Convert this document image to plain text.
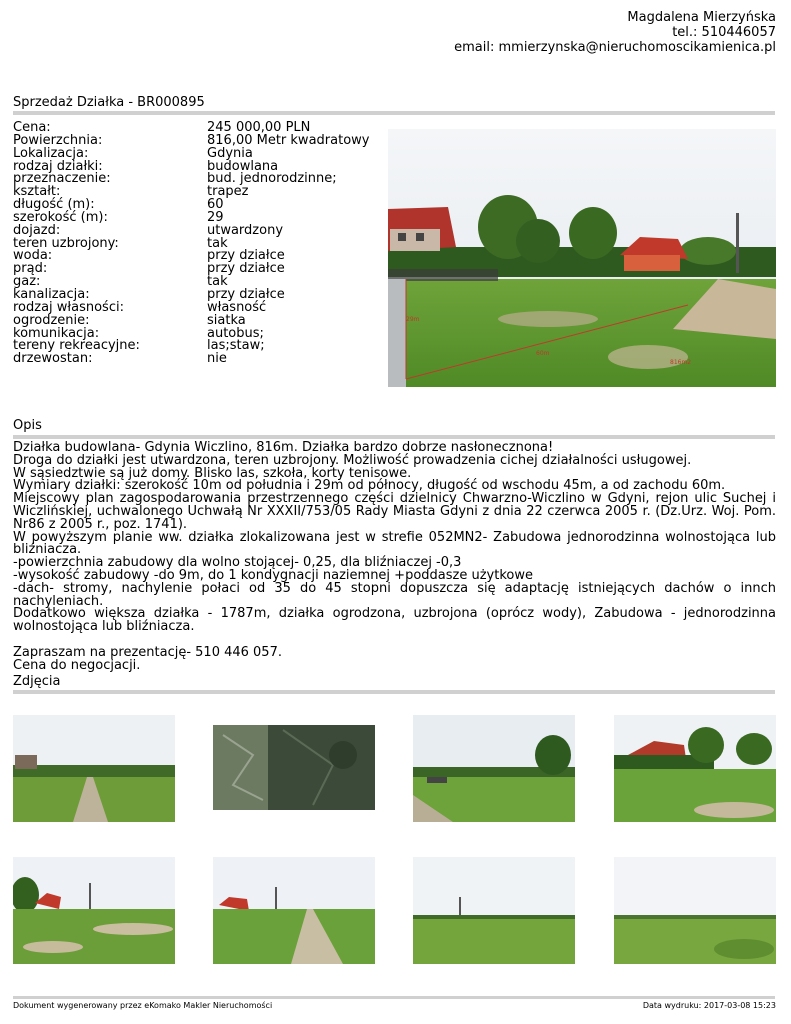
Magdalena Mierzyńska
tel.: 510446057
email: mmierzynska@nieruchomoscikamienica.pl
Sprzedaż Działka - BR000895
Cena:	245 000,00 PLN
Powierzchnia:	816,00 Metr kwadratowy
Lokalizacja:	Gdynia
rodzaj działki:	budowlana
przeznaczenie:	bud. jednorodzinne;
kształt:	trapez
długość (m):	60
szerokość (m):	29
dojazd:	utwardzony
teren uzbrojony:	tak
woda:	przy działce
prąd:	przy działce
gaz:	tak
kanalizacja:	przy działce
rodzaj własności:	własność
ogrodzenie:	siatka
komunikacja:	autobus;
tereny rekreacyjne:	las;staw;
drzewostan:	nie
29m
60m
816m2
Opis

Działka budowlana- Gdynia Wiczlino, 816m. Działka bardzo dobrze nasłonecznona!

Droga do działki jest utwardzona, teren uzbrojony. Możliwość prowadzenia cichej działalności usługowej.

W sąsiedztwie są już domy. Blisko las, szkoła, korty tenisowe.

Wymiary działki: szerokość 10m od południa i 29m od północy, długość od wschodu 45m, a od zachodu 60m.

Miejscowy plan zagospodarowania przestrzennego części dzielnicy Chwarzno-Wiczlino w Gdyni, rejon ulic Suchej i Wiczlińskiej, uchwalonego Uchwałą Nr XXXII/753/05 Rady Miasta Gdyni z dnia 22 czerwca 2005 r. (Dz.Urz. Woj. Pom. Nr86 z 2005 r., poz. 1741).

W powyższym planie ww. działka zlokalizowana jest w strefie 052MN2- Zabudowa jednorodzinna wolnostojąca lub bliźniacza.

-powierzchnia zabudowy dla wolno stojącej- 0,25, dla bliźniaczej -0,3

-wysokość zabudowy -do 9m, do 1 kondygnacji naziemnej +poddasze użytkowe

-dach- stromy, nachylenie połaci od 35 do 45 stopni dopuszcza się adaptację istniejących dachów o innch nachyleniach.

Dodatkowo większa działka - 1787m, działka ogrodzona, uzbrojona (oprócz wody), Zabudowa - jednorodzinna wolnostojąca lub bliźniacza.

Zapraszam na prezentację- 510 446 057.

Cena do negocjacji.

Zdjęcia
Dokument wygenerowany przez eKomako Makler Nieruchomości	Data wydruku: 2017-03-08 15:23
